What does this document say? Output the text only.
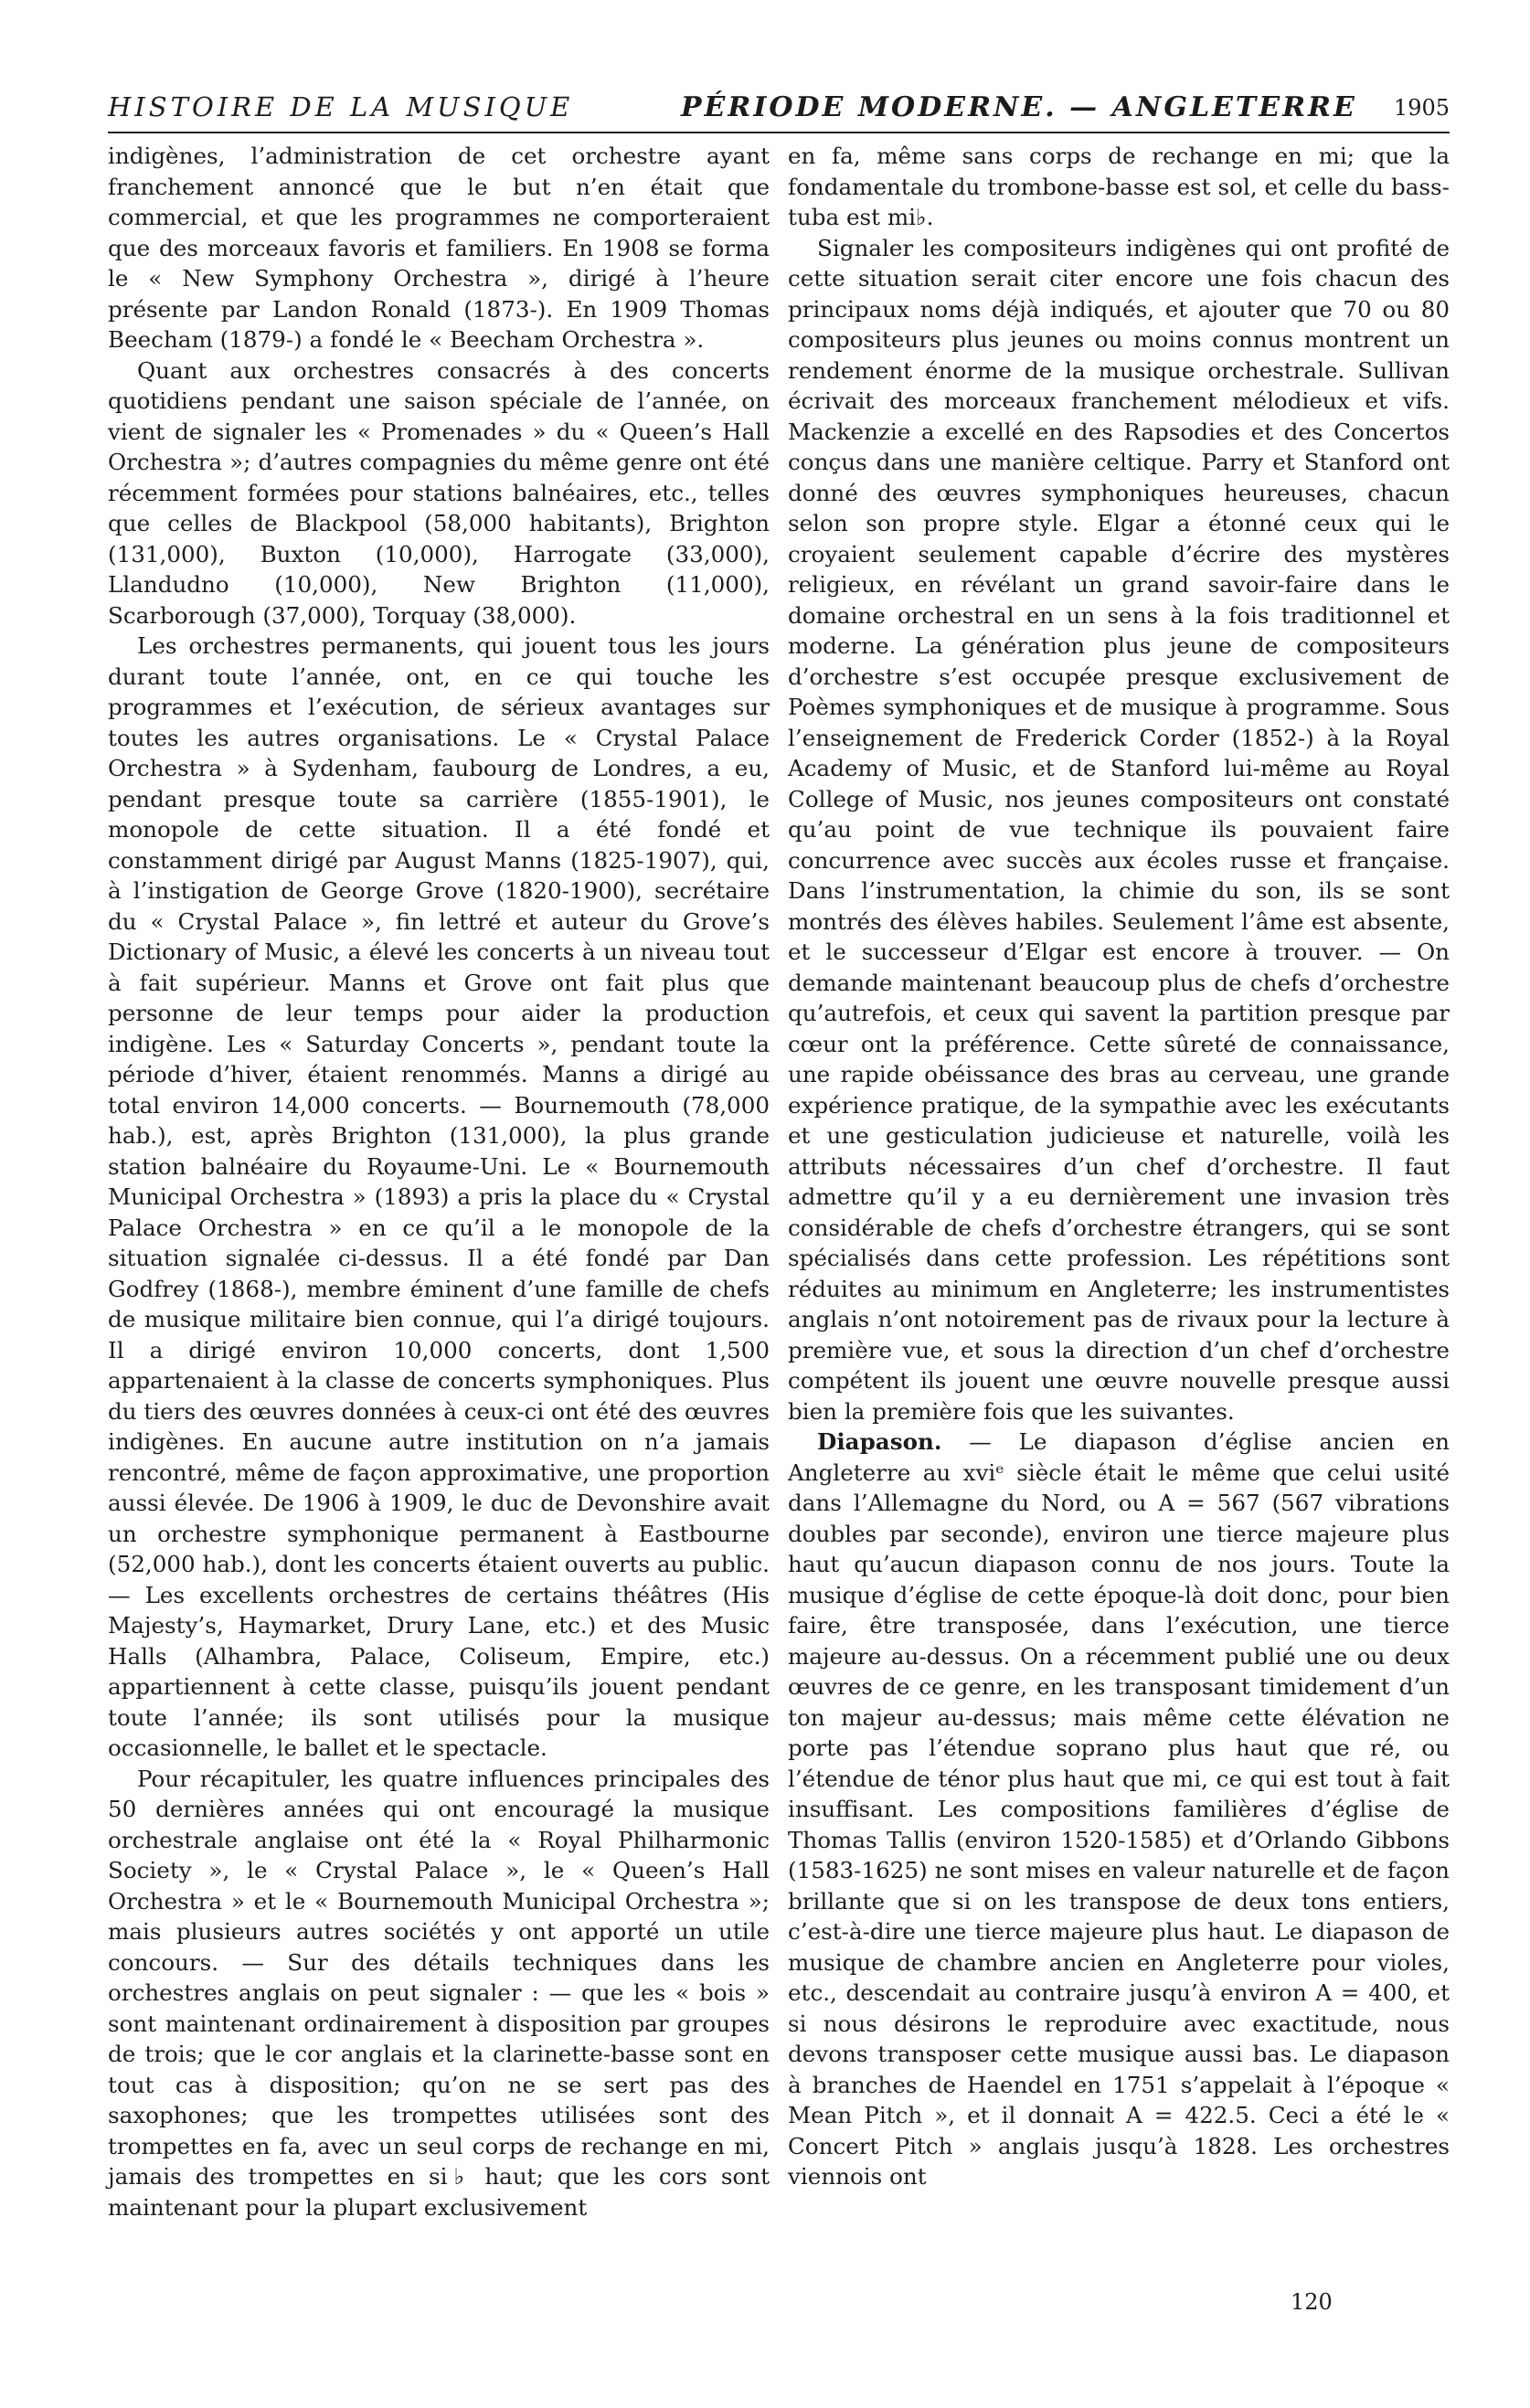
HISTOIRE DE LA MUSIQUE	PÉRIODE MODERNE. — ANGLETERRE 1905

indigènes, l’administration de cet orchestre ayant franchement annoncé que le but n’en était que commercial, et que les programmes ne comporteraient que des morceaux favoris et familiers. En 1908 se forma le « New Symphony Orchestra », dirigé à l’heure présente par Landon Ronald (1873-). En 1909 Thomas Beecham (1879-) a fondé le « Beecham Orchestra ».

Quant aux orchestres consacrés à des concerts quotidiens pendant une saison spéciale de l’année, on vient de signaler les « Promenades » du « Queen’s Hall Orchestra »; d’autres compagnies du même genre ont été récemment formées pour stations balnéaires, etc., telles que celles de Blackpool (58,000 habitants), Brighton (131,000), Buxton (10,000), Harrogate (33,000), Llandudno (10,000), New Brighton (11,000), Scarborough (37,000), Torquay (38,000).

Les orchestres permanents, qui jouent tous les jours durant toute l’année, ont, en ce qui touche les programmes et l’exécution, de sérieux avantages sur toutes les autres organisations. Le « Crystal Palace Orchestra » à Sydenham, faubourg de Londres, a eu, pendant presque toute sa carrière (1855-1901), le monopole de cette situation. Il a été fondé et constamment dirigé par August Manns (1825-1907), qui, à l’instigation de George Grove (1820-1900), secrétaire du « Crystal Palace », fin lettré et auteur du Grove’s Dictionary of Music, a élevé les concerts à un niveau tout à fait supérieur. Manns et Grove ont fait plus que personne de leur temps pour aider la production indigène. Les « Saturday Concerts », pendant toute la période d’hiver, étaient renommés. Manns a dirigé au total environ 14,000 concerts. — Bournemouth (78,000 hab.), est, après Brighton (131,000), la plus grande station balnéaire du Royaume-Uni. Le « Bournemouth Municipal Orchestra » (1893) a pris la place du « Crystal Palace Orchestra » en ce qu’il a le monopole de la situation signalée ci-dessus. Il a été fondé par Dan Godfrey (1868-), membre éminent d’une famille de chefs de musique militaire bien connue, qui l’a dirigé toujours. Il a dirigé environ 10,000 concerts, dont 1,500 appartenaient à la classe de concerts symphoniques. Plus du tiers des œuvres données à ceux-ci ont été des œuvres indigènes. En aucune autre institution on n’a jamais rencontré, même de façon approximative, une proportion aussi élevée. De 1906 à 1909, le duc de Devonshire avait un orchestre symphonique permanent à Eastbourne (52,000 hab.), dont les concerts étaient ouverts au public. — Les excellents orchestres de certains théâtres (His Majesty’s, Haymarket, Drury Lane, etc.) et des Music Halls (Alhambra, Palace, Coliseum, Empire, etc.) appartiennent à cette classe, puisqu’ils jouent pendant toute l’année; ils sont utilisés pour la musique occasionnelle, le ballet et le spectacle.

Pour récapituler, les quatre influences principales des 50 dernières années qui ont encouragé la musique orchestrale anglaise ont été la « Royal Philharmonic Society », le « Crystal Palace », le « Queen’s Hall Orchestra » et le « Bournemouth Municipal Orchestra »; mais plusieurs autres sociétés y ont apporté un utile concours. — Sur des détails techniques dans les orchestres anglais on peut signaler : — que les « bois » sont maintenant ordinairement à disposition par groupes de trois; que le cor anglais et la clarinette-basse sont en tout cas à disposition; qu’on ne se sert pas des saxophones; que les trompettes utilisées sont des trompettes en fa, avec un seul corps de rechange en mi, jamais des trompettes en si♭ haut; que les cors sont maintenant pour la plupart exclusivement

en fa, même sans corps de rechange en mi; que la fondamentale du trombone-basse est sol, et celle du bass-tuba est mi♭.

Signaler les compositeurs indigènes qui ont profité de cette situation serait citer encore une fois chacun des principaux noms déjà indiqués, et ajouter que 70 ou 80 compositeurs plus jeunes ou moins connus montrent un rendement énorme de la musique orchestrale. Sullivan écrivait des morceaux franchement mélodieux et vifs. Mackenzie a excellé en des Rapsodies et des Concertos conçus dans une manière celtique. Parry et Stanford ont donné des œuvres symphoniques heureuses, chacun selon son propre style. Elgar a étonné ceux qui le croyaient seulement capable d’écrire des mystères religieux, en révélant un grand savoir-faire dans le domaine orchestral en un sens à la fois traditionnel et moderne. La génération plus jeune de compositeurs d’orchestre s’est occupée presque exclusivement de Poèmes symphoniques et de musique à programme. Sous l’enseignement de Frederick Corder (1852-) à la Royal Academy of Music, et de Stanford lui-même au Royal College of Music, nos jeunes compositeurs ont constaté qu’au point de vue technique ils pouvaient faire concurrence avec succès aux écoles russe et française. Dans l’instrumentation, la chimie du son, ils se sont montrés des élèves habiles. Seulement l’âme est absente, et le successeur d’Elgar est encore à trouver. — On demande maintenant beaucoup plus de chefs d’orchestre qu’autrefois, et ceux qui savent la partition presque par cœur ont la préférence. Cette sûreté de connaissance, une rapide obéissance des bras au cerveau, une grande expérience pratique, de la sympathie avec les exécutants et une gesticulation judicieuse et naturelle, voilà les attributs nécessaires d’un chef d’orchestre. Il faut admettre qu’il y a eu dernièrement une invasion très considérable de chefs d’orchestre étrangers, qui se sont spécialisés dans cette profession. Les répétitions sont réduites au minimum en Angleterre; les instrumentistes anglais n’ont notoirement pas de rivaux pour la lecture à première vue, et sous la direction d’un chef d’orchestre compétent ils jouent une œuvre nouvelle presque aussi bien la première fois que les suivantes.

Diapason. — Le diapason d’église ancien en Angleterre au xviᵉ siècle était le même que celui usité dans l’Allemagne du Nord, ou A = 567 (567 vibrations doubles par seconde), environ une tierce majeure plus haut qu’aucun diapason connu de nos jours. Toute la musique d’église de cette époque-là doit donc, pour bien faire, être transposée, dans l’exécution, une tierce majeure au-dessus. On a récemment publié une ou deux œuvres de ce genre, en les transposant timidement d’un ton majeur au-dessus; mais même cette élévation ne porte pas l’étendue soprano plus haut que ré, ou l’étendue de ténor plus haut que mi, ce qui est tout à fait insuffisant. Les compositions familières d’église de Thomas Tallis (environ 1520-1585) et d’Orlando Gibbons (1583-1625) ne sont mises en valeur naturelle et de façon brillante que si on les transpose de deux tons entiers, c’est-à-dire une tierce majeure plus haut. Le diapason de musique de chambre ancien en Angleterre pour violes, etc., descendait au contraire jusqu’à environ A = 400, et si nous désirons le reproduire avec exactitude, nous devons transposer cette musique aussi bas. Le diapason à branches de Haendel en 1751 s’appelait à l’époque « Mean Pitch », et il donnait A = 422.5. Ceci a été le « Concert Pitch » anglais jusqu’à 1828. Les orchestres viennois ont

120
